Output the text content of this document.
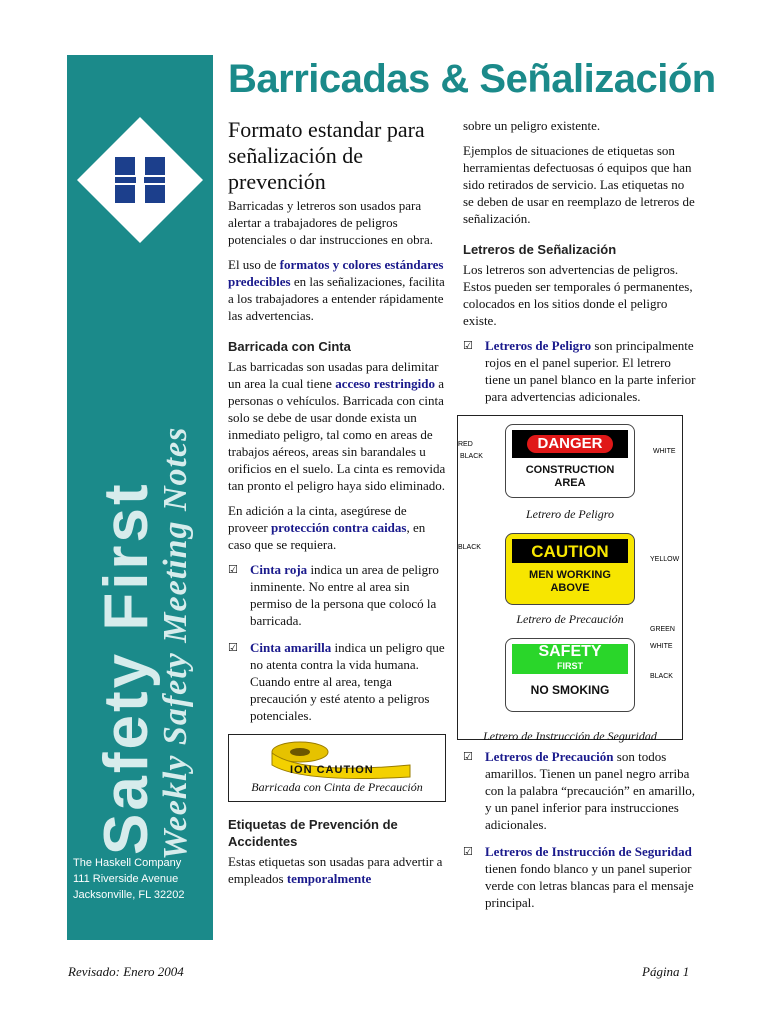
Safety First
Weekly Safety Meeting Notes
The Haskell Company
111 Riverside Avenue
Jacksonville, FL 32202
Barricadas & Señalización
Formato estandar para señalización de prevención

Barricadas y letreros son usados para alertar a trabajadores de peligros potenciales o dar instrucciones en obra.

El uso de formatos y colores estándares predecibles en las señalizaciones, facilita a los trabajadores a entender rápidamente las advertencias.

Barricada con Cinta

Las barricadas son usadas para delimitar un area la cual tiene acceso restringido a personas o vehículos. Barricada con cinta solo se debe de usar donde exista un inmediato peligro, tal como en areas de trabajos aéreos, areas sin barandales u orificios en el suelo. La cinta es removida tan pronto el peligro haya sido eliminado.

En adición a la cinta, asegúrese de proveer protección contra caidas, en caso que se requiera.

☑ Cinta roja indica un area de peligro inminente. No entre al area sin permiso de la persona que colocó la barricada.
☑ Cinta amarilla indica un peligro que no atenta contra la vida humana. Cuando entre al area, tenga precaución y esté atento a peligros potenciales.
ION CAUTION
Barricada con Cinta de Precaución
Etiquetas de Prevención de Accidentes

Estas etiquetas son usadas para advertir a empleados temporalmente

sobre un peligro existente.

Ejemplos de situaciones de etiquetas son herramientas defectuosas ó equipos que han sido retirados de servicio. Las etiquetas no se deben de usar en reemplazo de letreros de señalización.

Letreros de Señalización

Los letreros son advertencias de peligros. Estos pueden ser temporales ó permanentes, colocados en los sitios donde el peligro existe.

☑ Letreros de Peligro son principalmente rojos en el panel superior. El letrero tiene un panel blanco en la parte inferior para advertencias adicionales.
DANGER
CONSTRUCTION AREA
RED
BLACK
WHITE
Letrero de Peligro
CAUTION
MEN WORKING ABOVE
BLACK
YELLOW
Letrero de Precaución
SAFETY
FIRST
NO SMOKING
GREEN
WHITE
BLACK
Letrero de Instrucción de Seguridad
☑ Letreros de Precaución son todos amarillos. Tienen un panel negro arriba con la palabra “precaución” en amarillo, y un panel inferior para instrucciones adicionales.
☑ Letreros de Instrucción de Seguridad tienen fondo blanco y un panel superior verde con letras blancas para el mensaje principal.
Revisado: Enero 2004	Página 1
